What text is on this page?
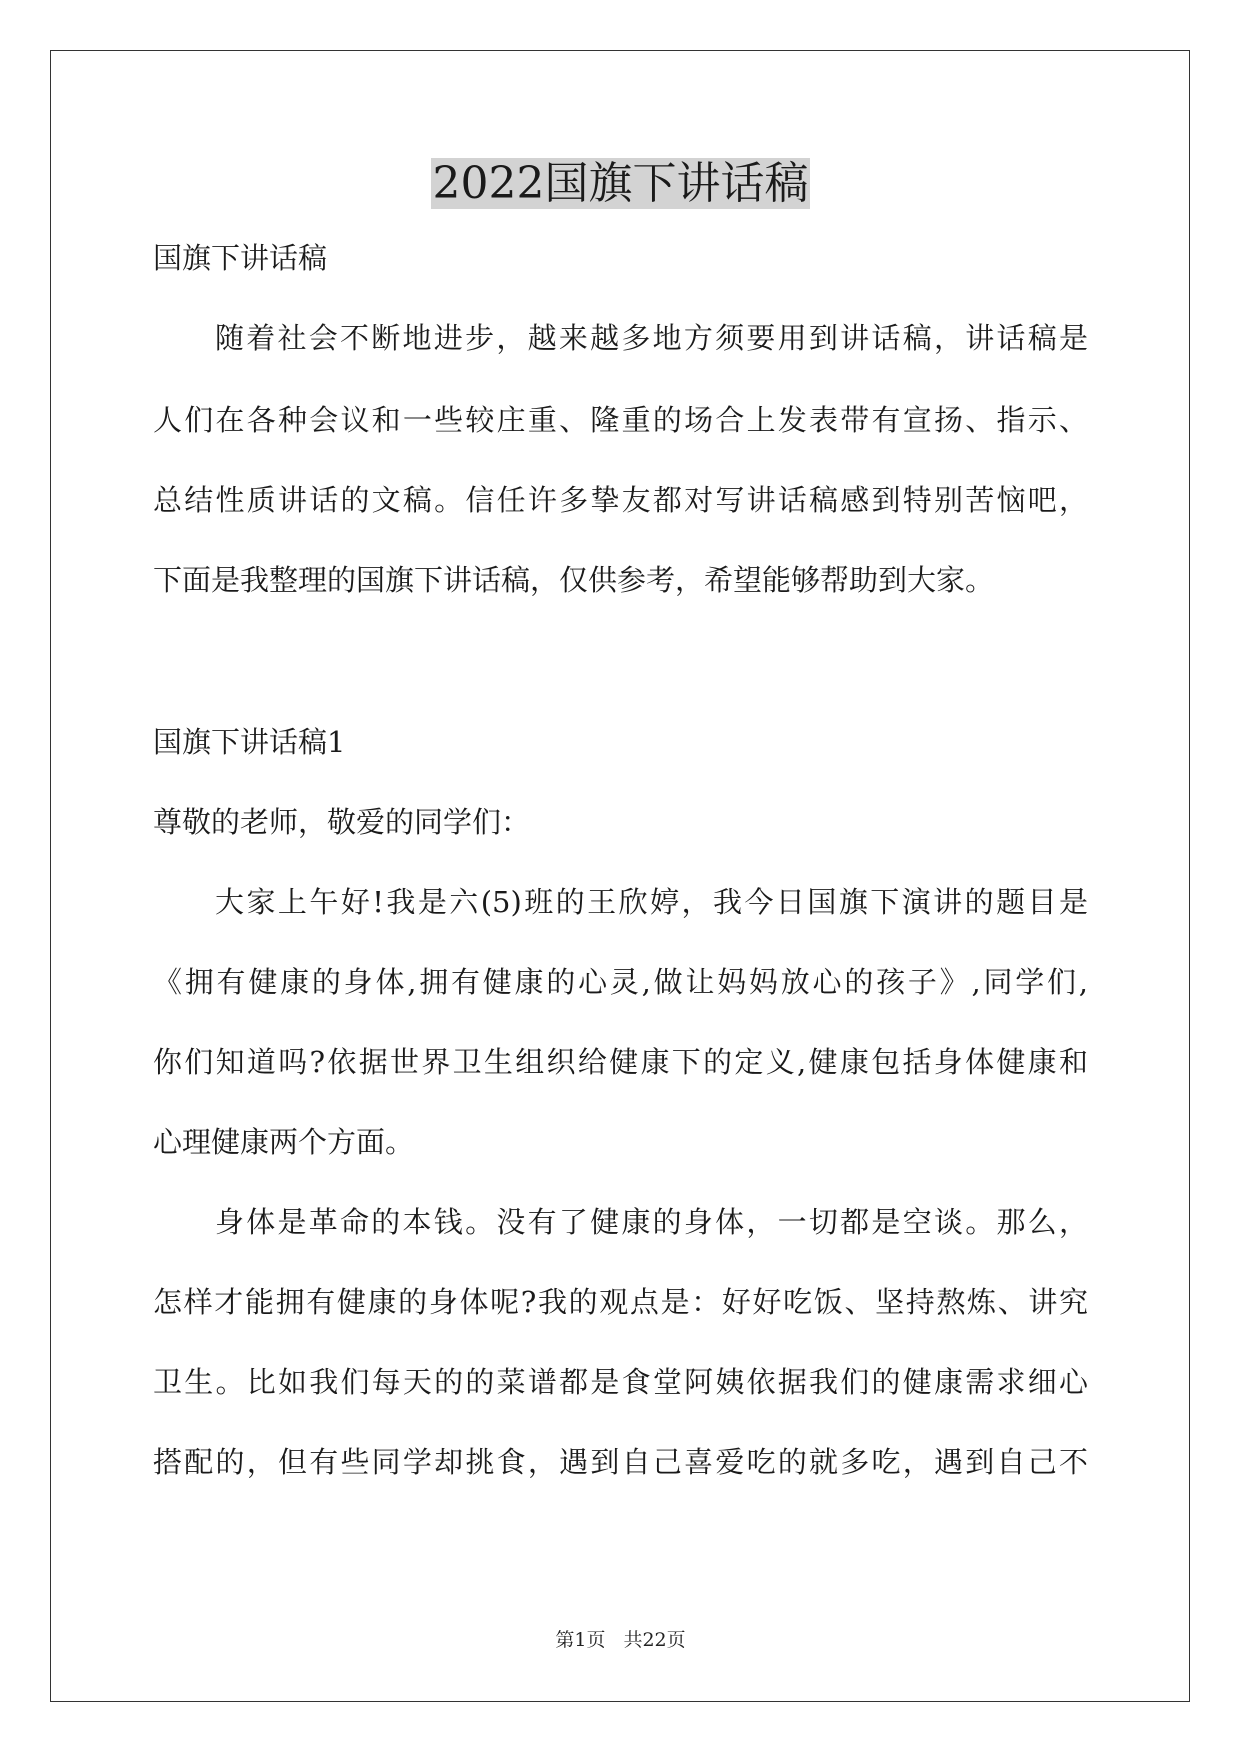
2022国旗下讲话稿

国旗下讲话稿

随着社会不断地进步，越来越多地方须要用到讲话稿，讲话稿是

人们在各种会议和一些较庄重、隆重的场合上发表带有宣扬、指示、

总结性质讲话的文稿。信任许多挚友都对写讲话稿感到特别苦恼吧，

下面是我整理的国旗下讲话稿，仅供参考，希望能够帮助到大家。

国旗下讲话稿1

尊敬的老师，敬爱的同学们：

大家上午好!我是六(5)班的王欣婷，我今日国旗下演讲的题目是

《拥有健康的身体,拥有健康的心灵,做让妈妈放心的孩子》,同学们,

你们知道吗?依据世界卫生组织给健康下的定义,健康包括身体健康和

心理健康两个方面。

身体是革命的本钱。没有了健康的身体，一切都是空谈。那么，

怎样才能拥有健康的身体呢?我的观点是：好好吃饭、坚持熬炼、讲究

卫生。比如我们每天的的菜谱都是食堂阿姨依据我们的健康需求细心

搭配的，但有些同学却挑食，遇到自己喜爱吃的就多吃，遇到自己不

第1页 共22页
